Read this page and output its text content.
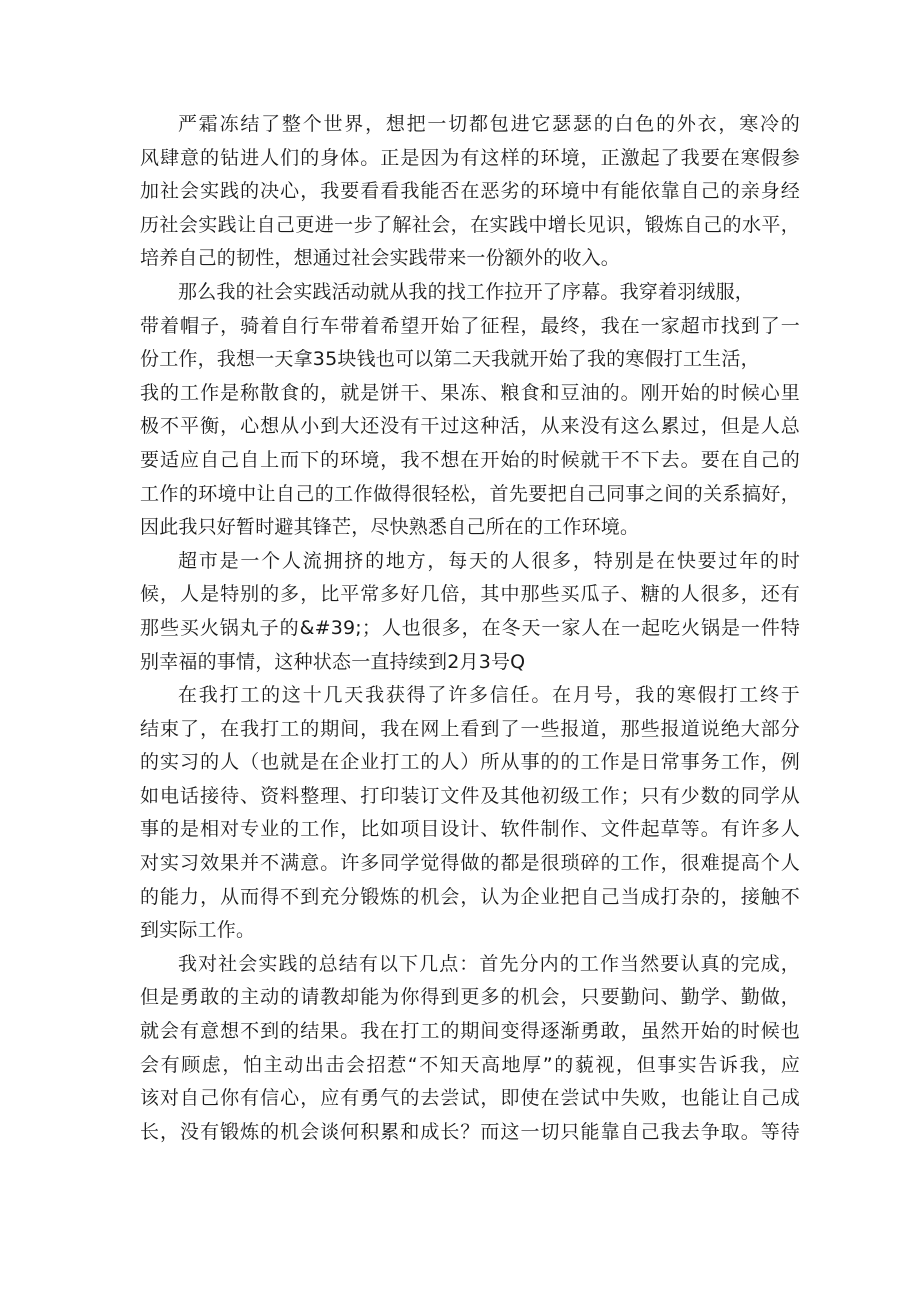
严霜冻结了整个世界，想把一切都包进它瑟瑟的白色的外衣，寒冷的
风肆意的钻进人们的身体。正是因为有这样的环境，正激起了我要在寒假参
加社会实践的决心，我要看看我能否在恶劣的环境中有能依靠自己的亲身经
历社会实践让自己更进一步了解社会，在实践中增长见识，锻炼自己的水平，
培养自己的韧性，想通过社会实践带来一份额外的收入。
那么我的社会实践活动就从我的找工作拉开了序幕。我穿着羽绒服，
带着帽子，骑着自行车带着希望开始了征程，最终，我在一家超市找到了一
份工作，我想一天拿35块钱也可以第二天我就开始了我的寒假打工生活，
我的工作是称散食的，就是饼干、果冻、粮食和豆油的。刚开始的时候心里
极不平衡，心想从小到大还没有干过这种活，从来没有这么累过，但是人总
要适应自己自上而下的环境，我不想在开始的时候就干不下去。要在自己的
工作的环境中让自己的工作做得很轻松，首先要把自己同事之间的关系搞好，
因此我只好暂时避其锋芒，尽快熟悉自己所在的工作环境。
超市是一个人流拥挤的地方，每天的人很多，特别是在快要过年的时
候，人是特别的多，比平常多好几倍，其中那些买瓜子、糖的人很多，还有
那些买火锅丸子的&#39;；人也很多，在冬天一家人在一起吃火锅是一件特
别幸福的事情，这种状态一直持续到2月3号Q
在我打工的这十几天我获得了许多信任。在月号，我的寒假打工终于
结束了，在我打工的期间，我在网上看到了一些报道，那些报道说绝大部分
的实习的人（也就是在企业打工的人）所从事的的工作是日常事务工作，例
如电话接待、资料整理、打印装订文件及其他初级工作；只有少数的同学从
事的是相对专业的工作，比如项目设计、软件制作、文件起草等。有许多人
对实习效果并不满意。许多同学觉得做的都是很琐碎的工作，很难提高个人
的能力，从而得不到充分锻炼的机会，认为企业把自己当成打杂的，接触不
到实际工作。
我对社会实践的总结有以下几点：首先分内的工作当然要认真的完成，
但是勇敢的主动的请教却能为你得到更多的机会，只要勤问、勤学、勤做，
就会有意想不到的结果。我在打工的期间变得逐渐勇敢，虽然开始的时候也
会有顾虑，怕主动出击会招惹“不知天高地厚”的藐视，但事实告诉我，应
该对自己你有信心，应有勇气的去尝试，即使在尝试中失败，也能让自己成
长，没有锻炼的机会谈何积累和成长？而这一切只能靠自己我去争取。等待
